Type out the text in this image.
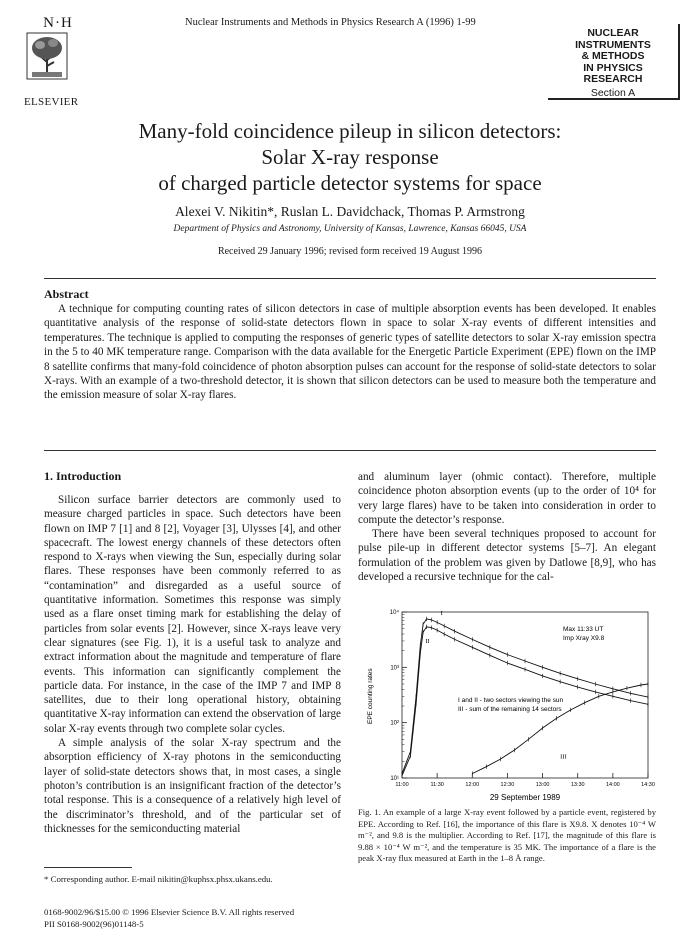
N·H
ELSEVIER
Nuclear Instruments and Methods in Physics Research A (1996) 1-99
NUCLEAR
INSTRUMENTS
& METHODS
IN PHYSICS
RESEARCH
Section A
Many-fold coincidence pileup in silicon detectors:
Solar X-ray response
of charged particle detector systems for space
Alexei V. Nikitin*, Ruslan L. Davidchack, Thomas P. Armstrong
Department of Physics and Astronomy, University of Kansas, Lawrence, Kansas 66045, USA
Received 29 January 1996; revised form received 19 August 1996
Abstract
A technique for computing counting rates of silicon detectors in case of multiple absorption events has been developed. It enables quantitative analysis of the response of solid-state detectors flown in space to solar X-ray events of different intensities and temperatures. The technique is applied to computing the responses of generic types of satellite detectors to solar X-ray emission spectra in the 5 to 40 MK temperature range. Comparison with the data available for the Energetic Particle Experiment (EPE) flown on the IMP 8 satellite confirms that many-fold coincidence of photon absorption pulses can account for the response of solid-state detectors to solar X-rays. With an example of a two-threshold detector, it is shown that silicon detectors can be used to measure both the temperature and the emission measure of solar X-ray flares.
1. Introduction

Silicon surface barrier detectors are commonly used to measure charged particles in space. Such detectors have been flown on IMP 7 [1] and 8 [2], Voyager [3], Ulysses [4], and other spacecraft. The lowest energy channels of these detectors often respond to X-rays when viewing the Sun, especially during solar flares. These responses have been commonly referred to as “contamination” and disregarded as a useful source of quantitative information. Sometimes this response was simply used as a flare onset timing mark for establishing the delay of particles from solar events [2]. However, since X-rays leave very clear signatures (see Fig. 1), it is a useful task to analyze and extract information about the magnitude and temperature of flare events. This information can significantly complement the particle data. For instance, in the case of the IMP 7 and IMP 8 satellites, due to their long operational history, obtaining quantitative X-ray information can extend the observation of large solar X-ray events through two complete solar cycles.

A simple analysis of the solar X-ray spectrum and the absorption efficiency of X-ray photons in the semiconducting layer of solid-state detectors shows that, in most cases, a single photon’s contribution is an insignificant fraction of the detector’s total response. This is a consequence of a relatively high level of the discriminator’s threshold, and of the particular set of thicknesses for the semiconducting material

and aluminum layer (ohmic contact). Therefore, multiple coincidence photon absorption events (up to the order of 10⁴ for very large flares) have to be taken into consideration in order to compute the detector’s response.

There have been several techniques proposed to account for pulse pile-up in different detector systems [5–7]. An elegant formulation of the problem was given by Datlowe [8,9], who has developed a recursive technique for the cal-

10⁴
10³
10²
10¹
11:00	11:30	12:00	12:30	13:00	13:30	14:00	14:30
I
II
III
EPE counting rates
29 September 1989
Max 11:33 UT
Imp Xray X9.8
I and II - two sectors viewing the sun
III - sum of the remaining 14 sectors
Fig. 1. An example of a large X-ray event followed by a particle event, registered by EPE. According to Ref. [16], the importance of this flare is X9.8. X denotes 10⁻⁴ W m⁻², and 9.8 is the multiplier. According to Ref. [17], the magnitude of this flare is 9.88 × 10⁻⁴ W m⁻², and the temperature is 35 MK. The importance of a flare is the peak X-ray flux measured at Earth in the 1–8 Å range.
* Corresponding author. E-mail nikitin@kuphsx.phsx.ukans.edu.
0168-9002/96/$15.00 © 1996 Elsevier Science B.V. All rights reserved
PII S0168-9002(96)01148-5
